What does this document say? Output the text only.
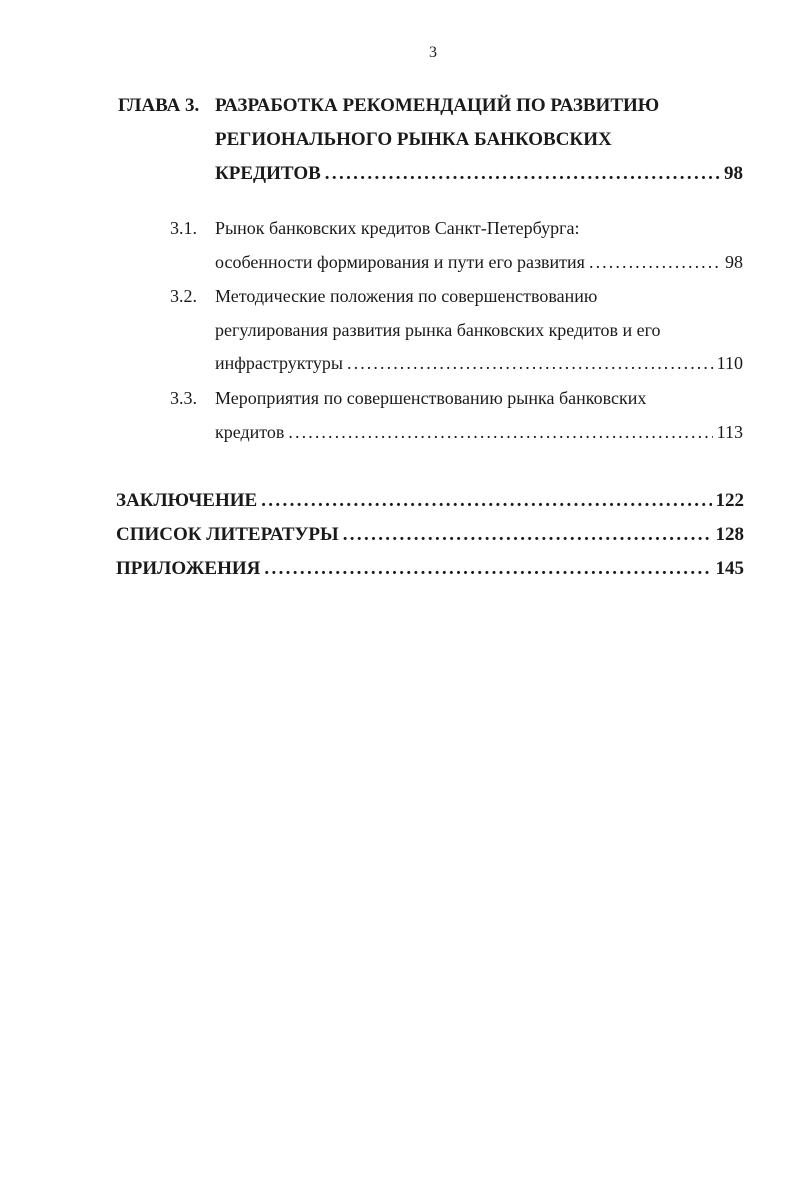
3
ГЛАВА 3. РАЗРАБОТКА РЕКОМЕНДАЦИЙ ПО РАЗВИТИЮ
РЕГИОНАЛЬНОГО РЫНКА БАНКОВСКИХ
КРЕДИТОВ . . .	98
3.1. Рынок банковских кредитов Санкт-Петербурга:
особенности формирования и пути его развития . . .	98
3.2. Методические положения по совершенствованию
регулирования развития рынка банковских кредитов и его
инфраструктуры . . .	110
3.3. Мероприятия по совершенствованию рынка банковских
кредитов . . .	113
ЗАКЛЮЧЕНИЕ . . .	122
СПИСОК ЛИТЕРАТУРЫ . . .	128
ПРИЛОЖЕНИЯ . . .	145
